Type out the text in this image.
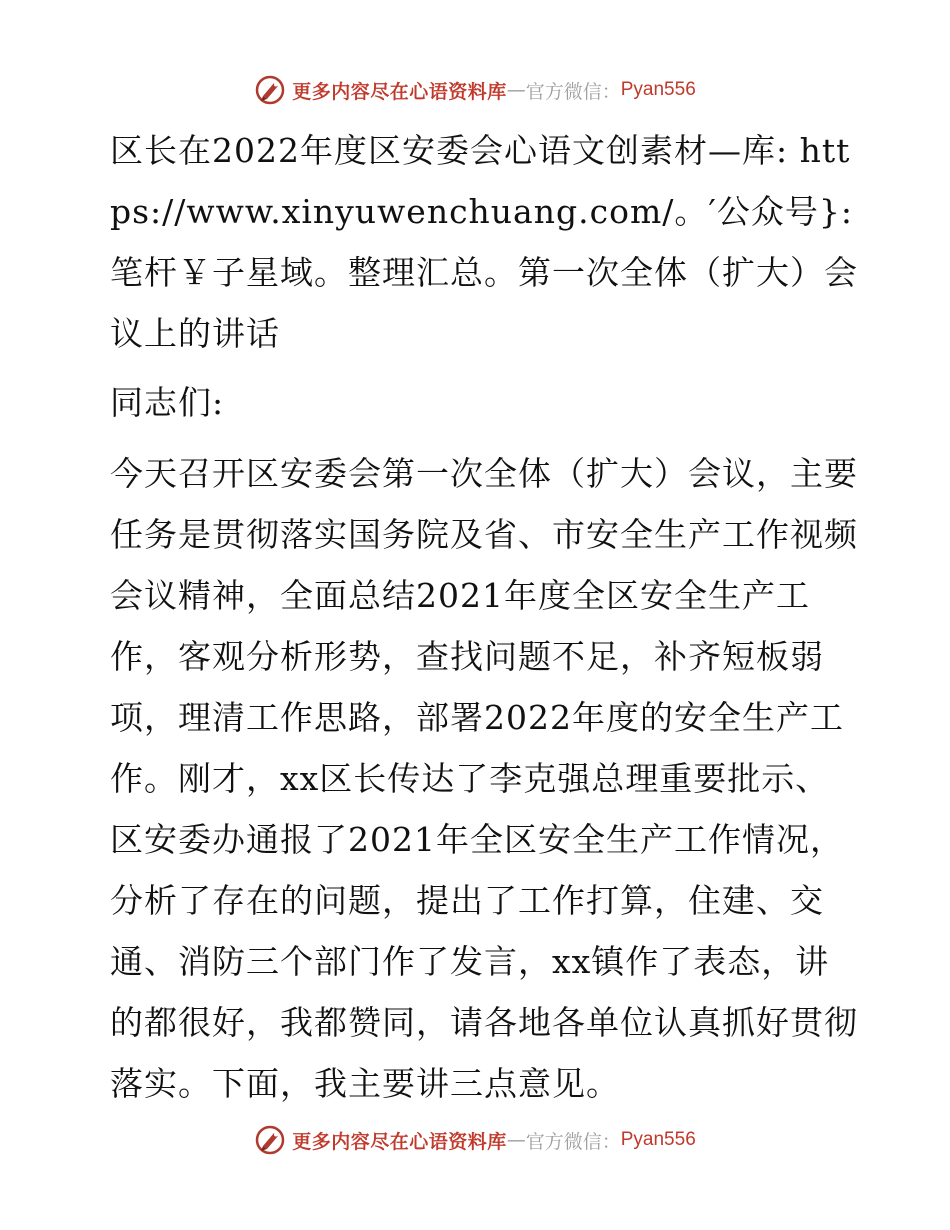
更多内容尽在心语资料库 — 官方微信： Pyan556

区长在2022年度区安委会心语文创素材—库: https://www.xinyuwenchuang.com/。′公众号}: 笔杆￥子星域。整理汇总。第一次全体（扩大）会议上的讲话

同志们:

今天召开区安委会第一次全体（扩大）会议，主要任务是贯彻落实国务院及省、市安全生产工作视频会议精神，全面总结2021年度全区安全生产工作，客观分析形势，查找问题不足，补齐短板弱项，理清工作思路，部署2022年度的安全生产工作。刚才，xx区长传达了李克强总理重要批示、区安委办通报了2021年全区安全生产工作情况，分析了存在的问题，提出了工作打算，住建、交通、消防三个部门作了发言，xx镇作了表态，讲的都很好，我都赞同，请各地各单位认真抓好贯彻落实。下面，我主要讲三点意见。

更多内容尽在心语资料库 — 官方微信： Pyan556
